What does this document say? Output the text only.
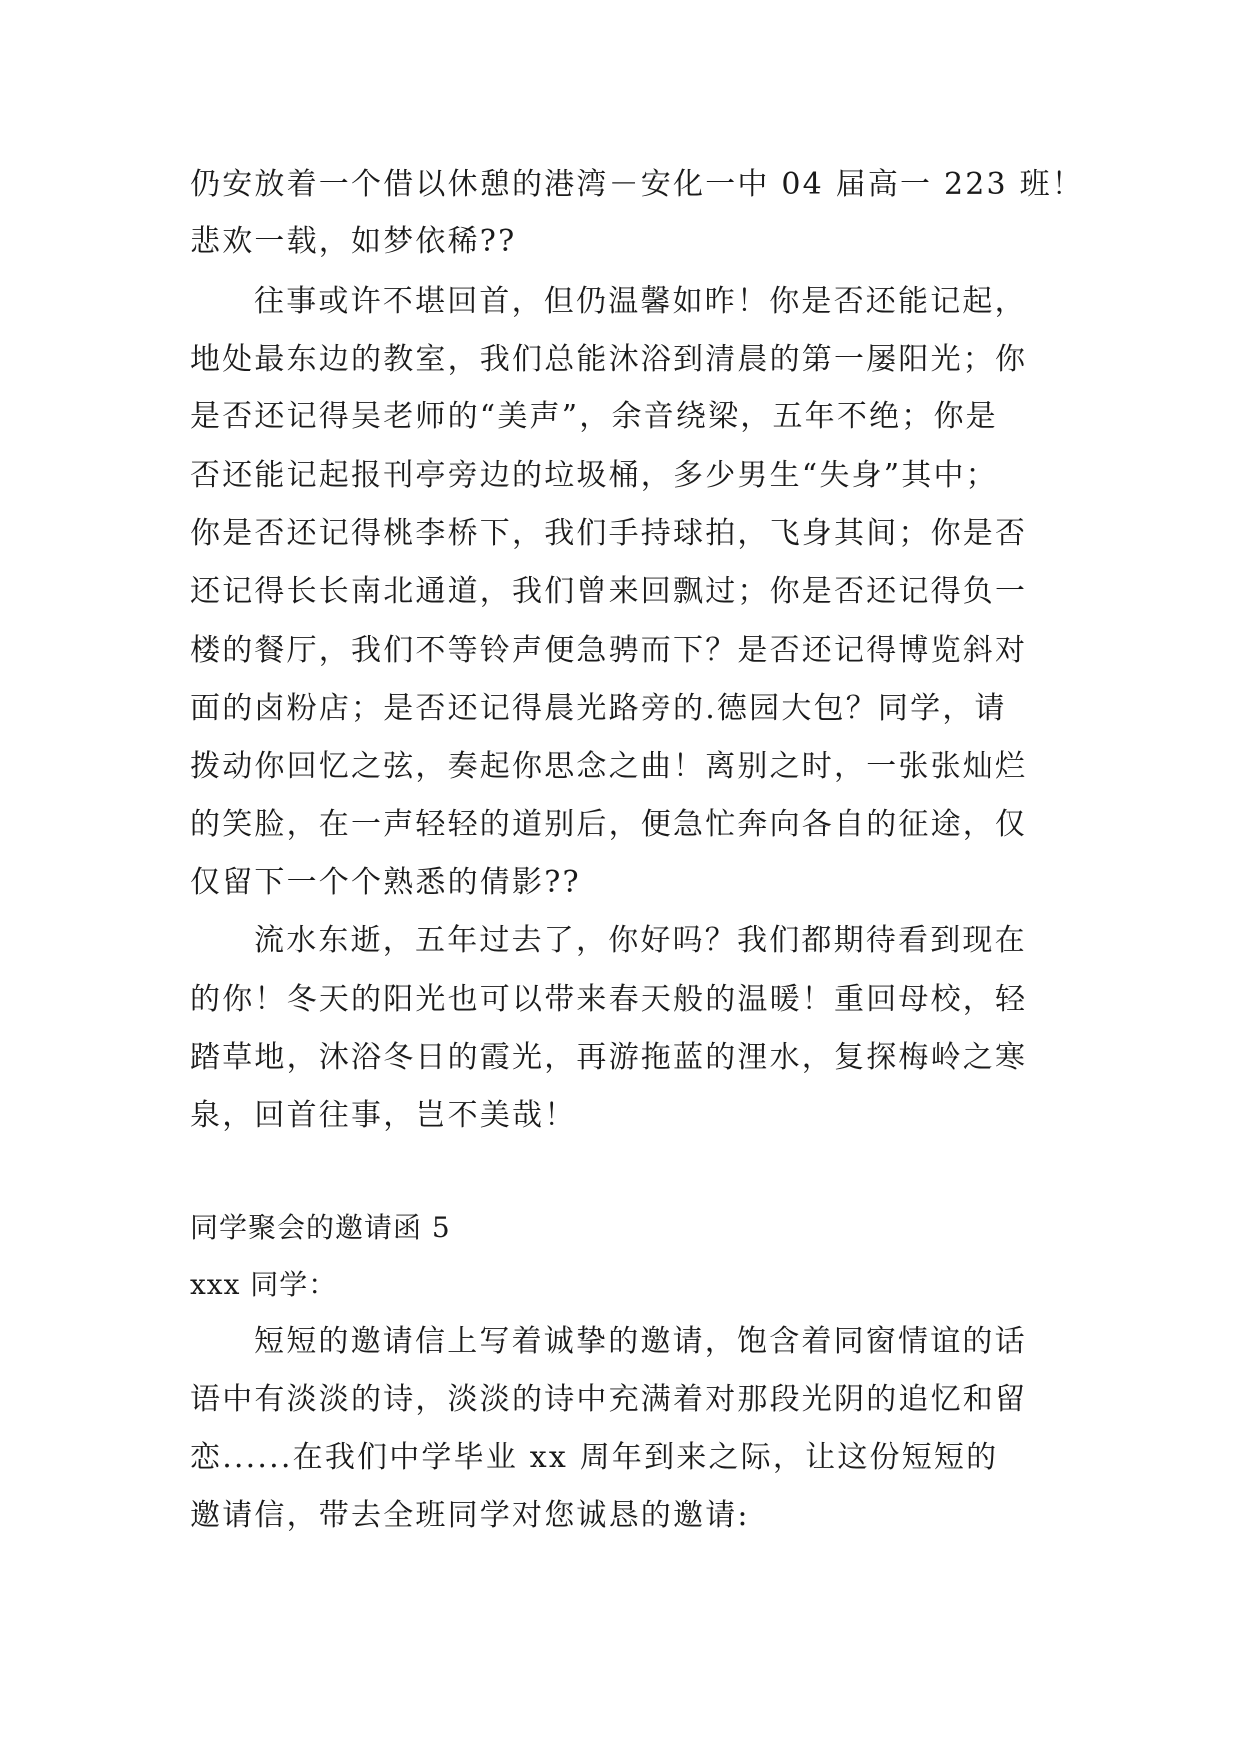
仍安放着一个借以休憩的港湾－安化一中 04 届高一 223 班！
悲欢一载，如梦依稀??
往事或许不堪回首，但仍温馨如昨！你是否还能记起，
地处最东边的教室，我们总能沐浴到清晨的第一屡阳光；你
是否还记得吴老师的“美声”，余音绕梁，五年不绝；你是
否还能记起报刊亭旁边的垃圾桶，多少男生“失身”其中；
你是否还记得桃李桥下，我们手持球拍，飞身其间；你是否
还记得长长南北通道，我们曾来回飘过；你是否还记得负一
楼的餐厅，我们不等铃声便急骋而下？是否还记得博览斜对
面的卤粉店；是否还记得晨光路旁的.德园大包？同学，请
拨动你回忆之弦，奏起你思念之曲！离别之时，一张张灿烂
的笑脸，在一声轻轻的道别后，便急忙奔向各自的征途，仅
仅留下一个个熟悉的倩影??
流水东逝，五年过去了，你好吗？我们都期待看到现在
的你！冬天的阳光也可以带来春天般的温暖！重回母校，轻
踏草地，沐浴冬日的霞光，再游拖蓝的浬水，复探梅岭之寒
泉，回首往事，岂不美哉！
同学聚会的邀请函 5
xxx 同学：
短短的邀请信上写着诚挚的邀请，饱含着同窗情谊的话
语中有淡淡的诗，淡淡的诗中充满着对那段光阴的追忆和留
恋......在我们中学毕业 xx 周年到来之际，让这份短短的
邀请信，带去全班同学对您诚恳的邀请:
